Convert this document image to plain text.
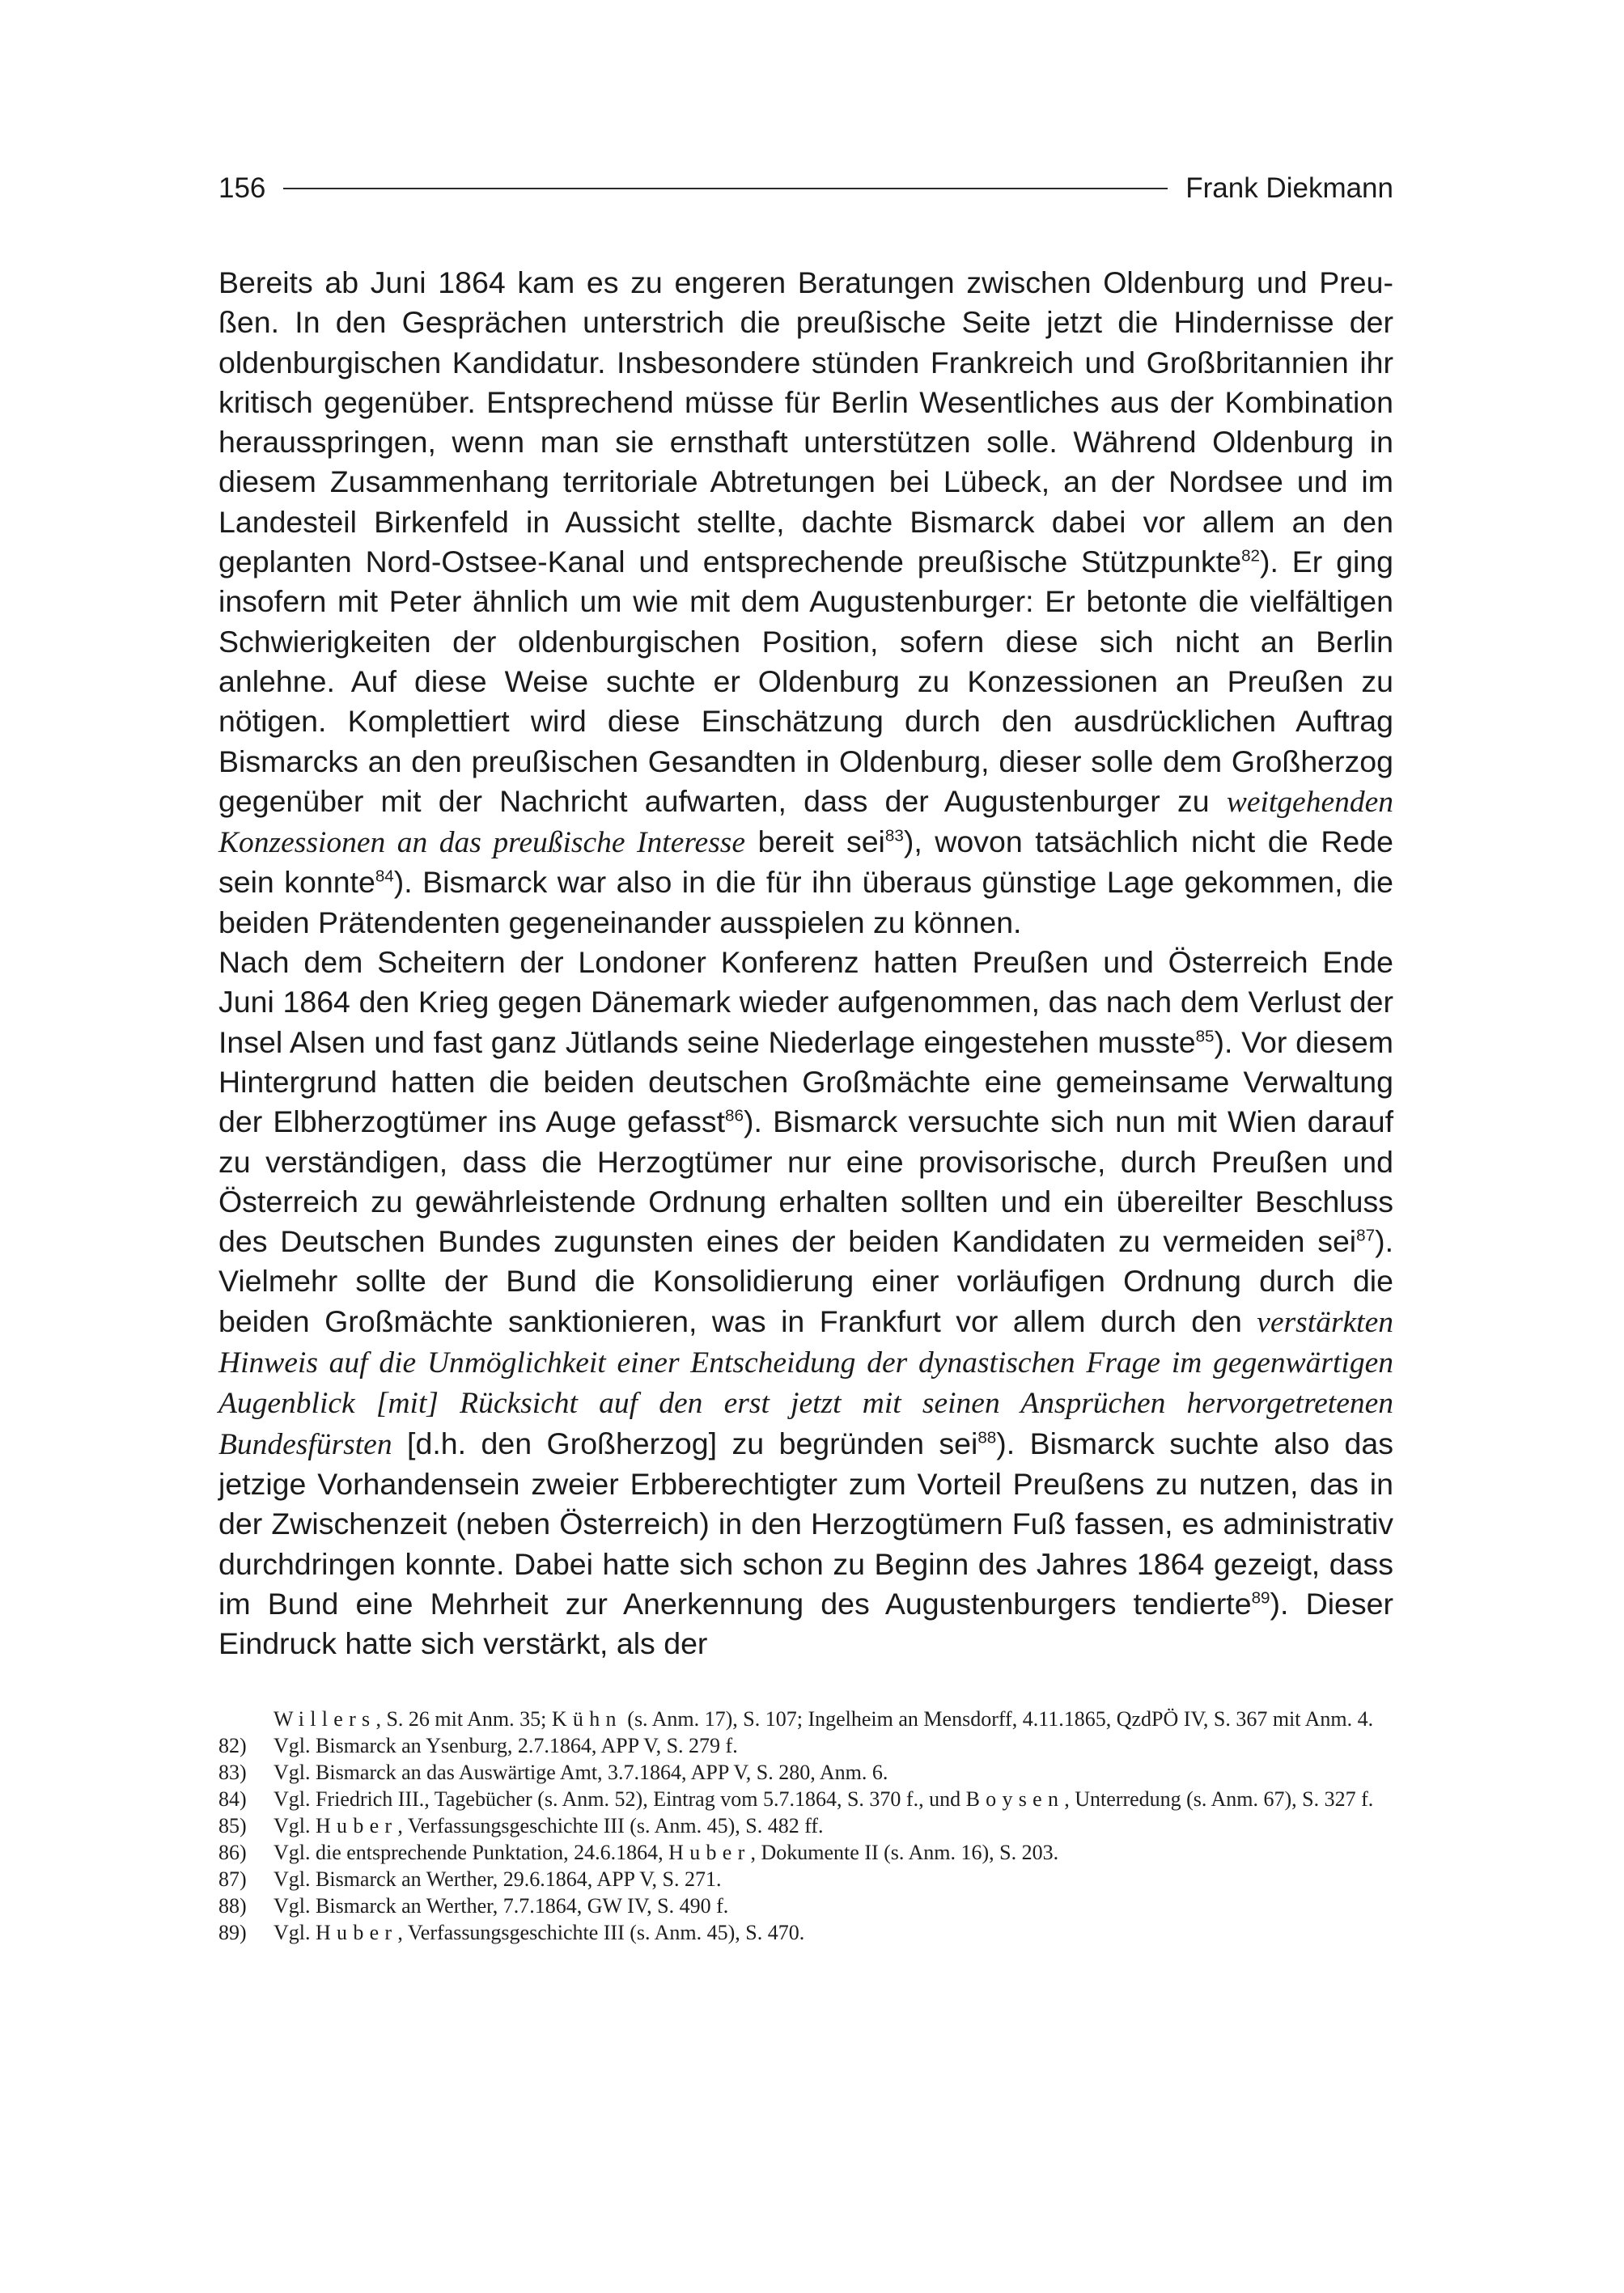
156	Frank Diekmann

Bereits ab Juni 1864 kam es zu engeren Beratungen zwischen Oldenburg und Preußen. In den Gesprächen unterstrich die preußische Seite jetzt die Hindernisse der oldenburgischen Kandidatur. Insbesondere stünden Frankreich und Großbritannien ihr kritisch gegenüber. Entsprechend müsse für Berlin Wesentliches aus der Kombination herausspringen, wenn man sie ernsthaft unterstützen solle. Während Oldenburg in diesem Zusammenhang territoriale Abtretungen bei Lübeck, an der Nordsee und im Landesteil Birkenfeld in Aussicht stellte, dachte Bismarck dabei vor allem an den geplanten Nord-Ostsee-Kanal und entsprechende preußische Stützpunkte$^{82}$). Er ging insofern mit Peter ähnlich um wie mit dem Augustenburger: Er betonte die vielfältigen Schwierigkeiten der oldenburgischen Position, sofern diese sich nicht an Berlin anlehne. Auf diese Weise suchte er Oldenburg zu Konzessionen an Preußen zu nötigen. Komplettiert wird diese Einschätzung durch den ausdrücklichen Auftrag Bismarcks an den preußischen Gesandten in Oldenburg, dieser solle dem Großherzog gegenüber mit der Nachricht aufwarten, dass der Augustenburger zu weitgehenden Konzessionen an das preußische Interesse bereit sei$^{83}$), wovon tatsächlich nicht die Rede sein konnte$^{84}$). Bismarck war also in die für ihn überaus günstige Lage gekommen, die beiden Prätendenten gegeneinander ausspielen zu können.

Nach dem Scheitern der Londoner Konferenz hatten Preußen und Österreich Ende Juni 1864 den Krieg gegen Dänemark wieder aufgenommen, das nach dem Verlust der Insel Alsen und fast ganz Jütlands seine Niederlage eingestehen musste$^{85}$). Vor diesem Hintergrund hatten die beiden deutschen Großmächte eine gemeinsame Verwaltung der Elbherzogtümer ins Auge gefasst$^{86}$). Bismarck versuchte sich nun mit Wien darauf zu verständigen, dass die Herzogtümer nur eine provisorische, durch Preußen und Österreich zu gewährleistende Ordnung erhalten sollten und ein übereilter Beschluss des Deutschen Bundes zugunsten eines der beiden Kandidaten zu vermeiden sei$^{87}$). Vielmehr sollte der Bund die Konsolidierung einer vorläufigen Ordnung durch die beiden Großmächte sanktionieren, was in Frankfurt vor allem durch den verstärkten Hinweis auf die Unmöglichkeit einer Entscheidung der dynastischen Frage im gegenwärtigen Augenblick [mit] Rücksicht auf den erst jetzt mit seinen Ansprüchen hervorgetretenen Bundesfürsten [d.h. den Großherzog] zu begründen sei$^{88}$). Bismarck suchte also das jetzige Vorhandensein zweier Erbberechtigter zum Vorteil Preußens zu nutzen, das in der Zwischenzeit (neben Österreich) in den Herzogtümern Fuß fassen, es administrativ durchdringen konnte. Dabei hatte sich schon zu Beginn des Jahres 1864 gezeigt, dass im Bund eine Mehrheit zur Anerkennung des Augustenburgers tendierte$^{89}$). Dieser Eindruck hatte sich verstärkt, als der

Willers, S. 26 mit Anm. 35; Kühn (s. Anm. 17), S. 107; Ingelheim an Mensdorff, 4.11.1865, QzdPÖ IV, S. 367 mit Anm. 4.
82)	Vgl. Bismarck an Ysenburg, 2.7.1864, APP V, S. 279 f.
83)	Vgl. Bismarck an das Auswärtige Amt, 3.7.1864, APP V, S. 280, Anm. 6.
84)	Vgl. Friedrich III., Tagebücher (s. Anm. 52), Eintrag vom 5.7.1864, S. 370 f., und Boysen, Unterredung (s. Anm. 67), S. 327 f.
85)	Vgl. Huber, Verfassungsgeschichte III (s. Anm. 45), S. 482 ff.
86)	Vgl. die entsprechende Punktation, 24.6.1864, Huber, Dokumente II (s. Anm. 16), S. 203.
87)	Vgl. Bismarck an Werther, 29.6.1864, APP V, S. 271.
88)	Vgl. Bismarck an Werther, 7.7.1864, GW IV, S. 490 f.
89)	Vgl. Huber, Verfassungsgeschichte III (s. Anm. 45), S. 470.
